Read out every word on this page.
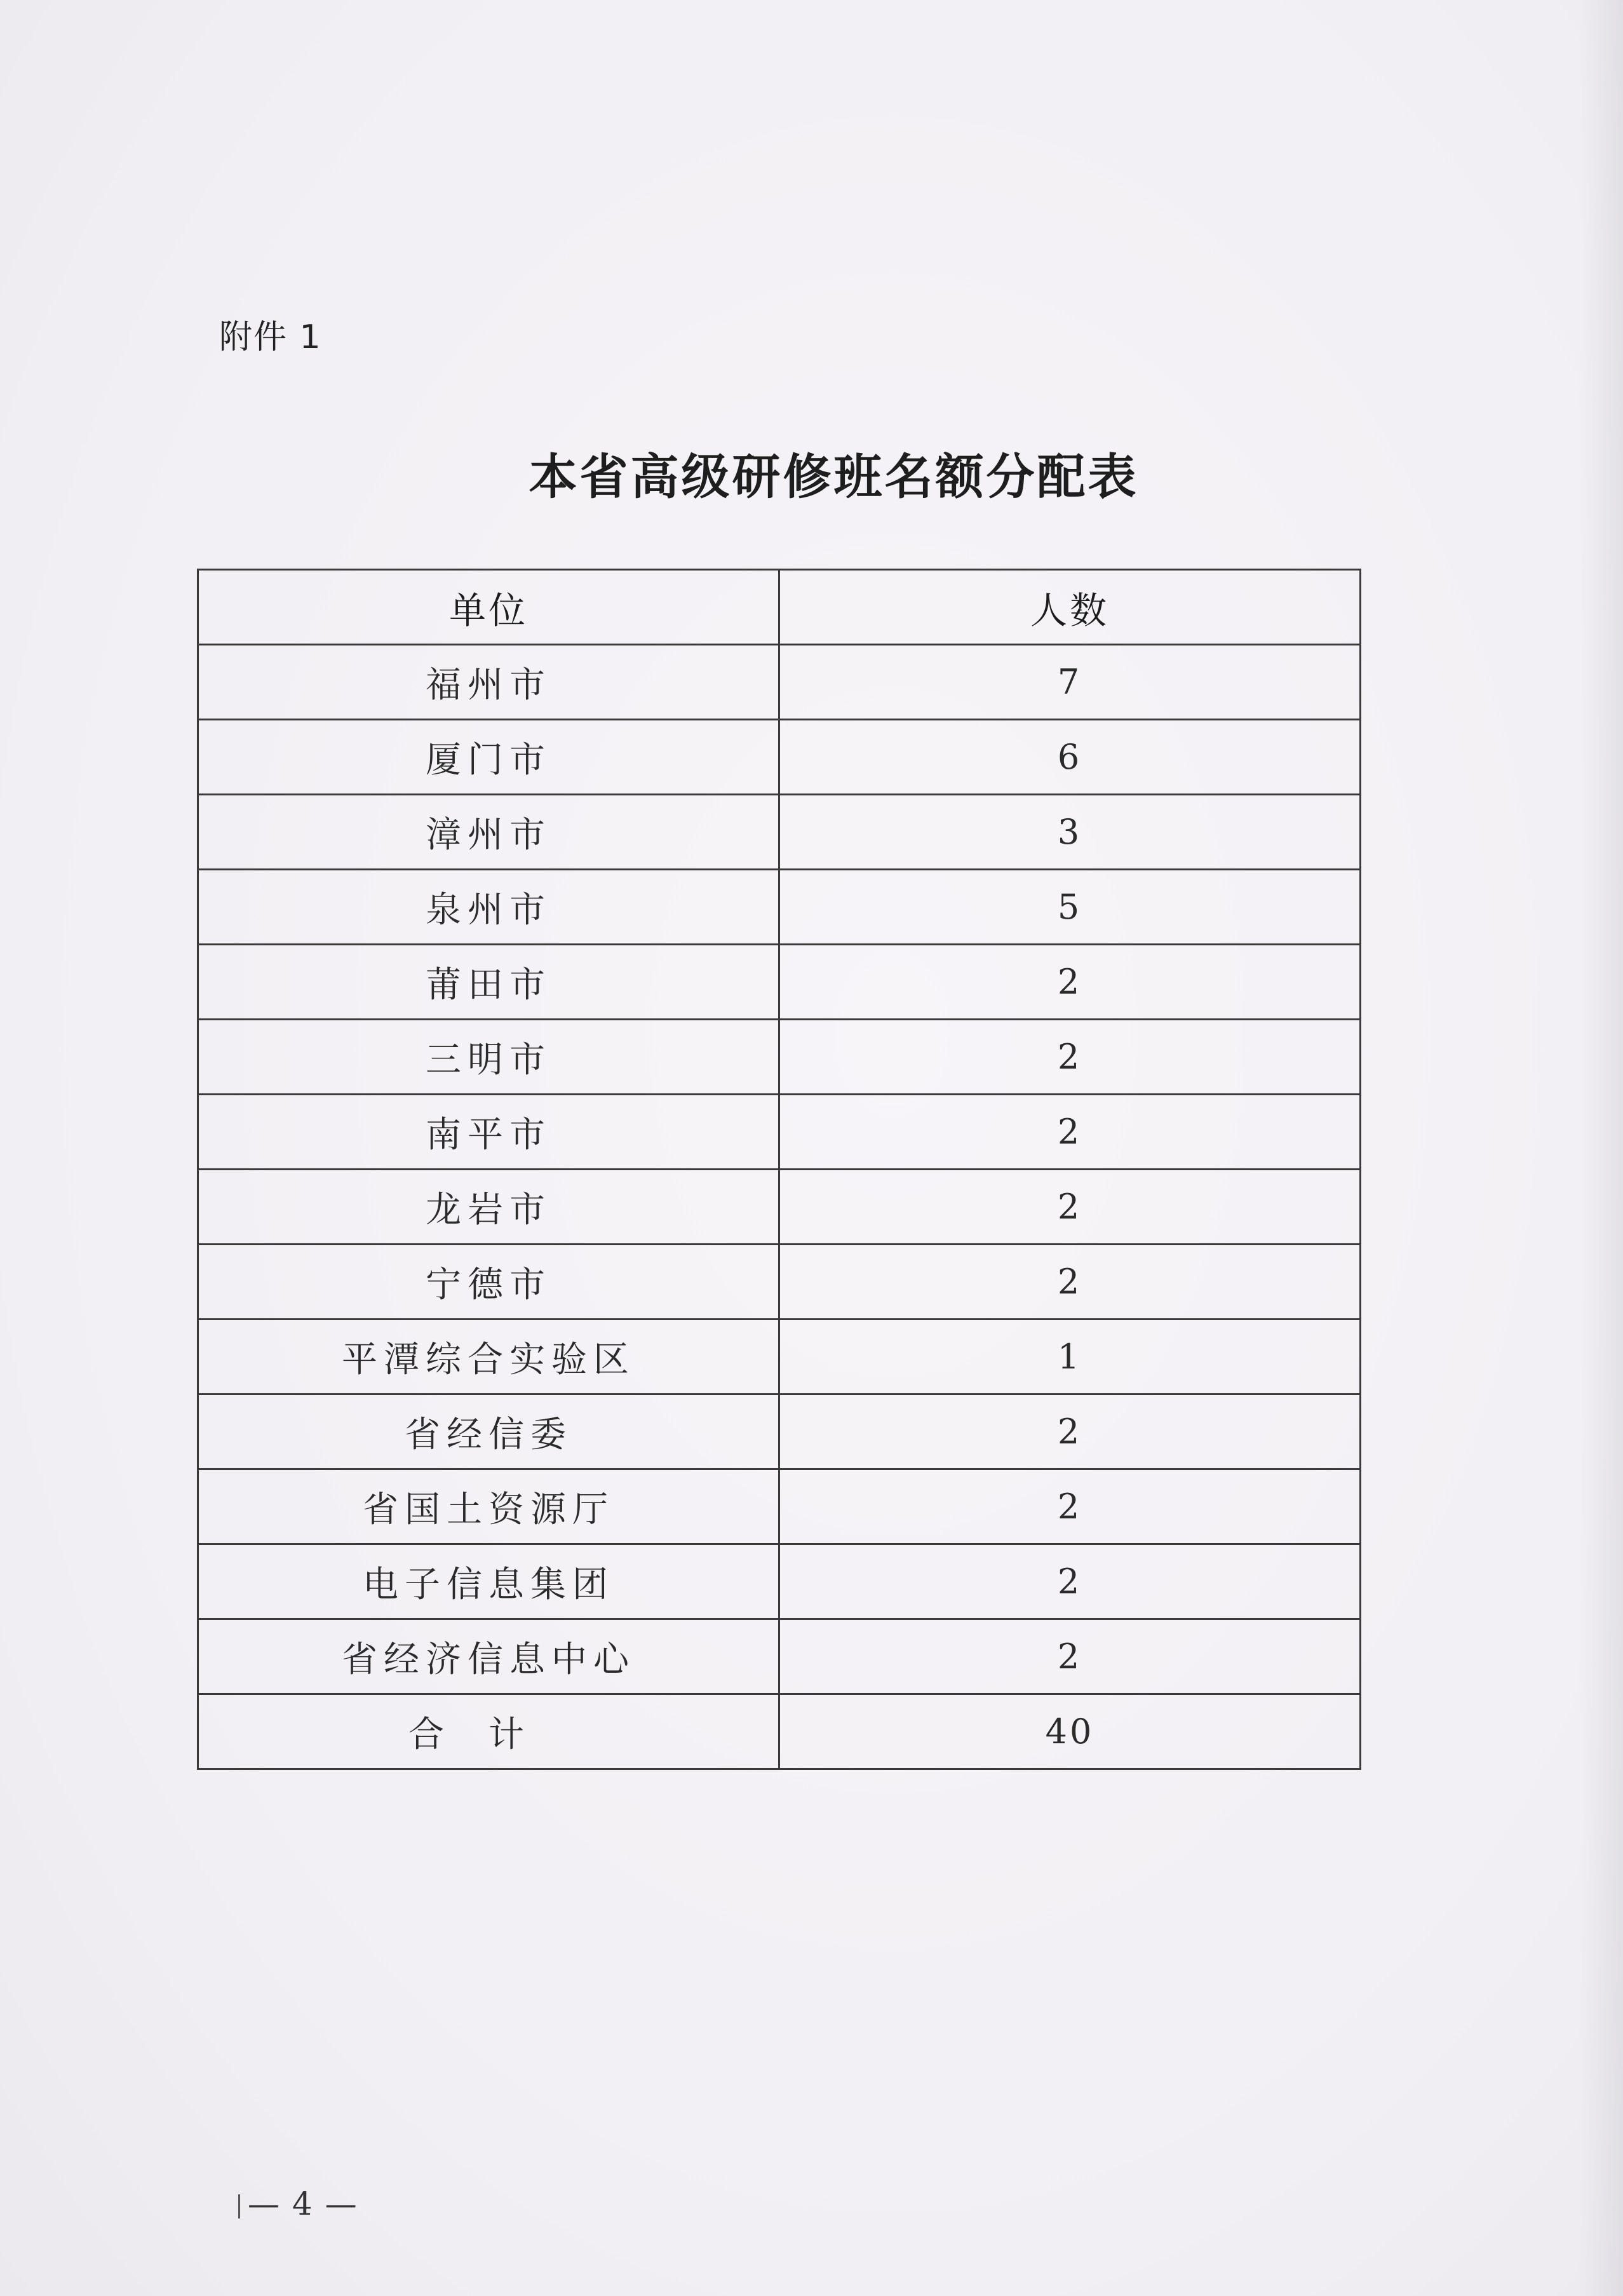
附件 1
本省高级研修班名额分配表
单位	人数
福州市	7
厦门市	6
漳州市	3
泉州市	5
莆田市	2
三明市	2
南平市	2
龙岩市	2
宁德市	2
平潭综合实验区	1
省经信委	2
省国土资源厅	2
电子信息集团	2
省经济信息中心	2
合计	40
— 4 —
